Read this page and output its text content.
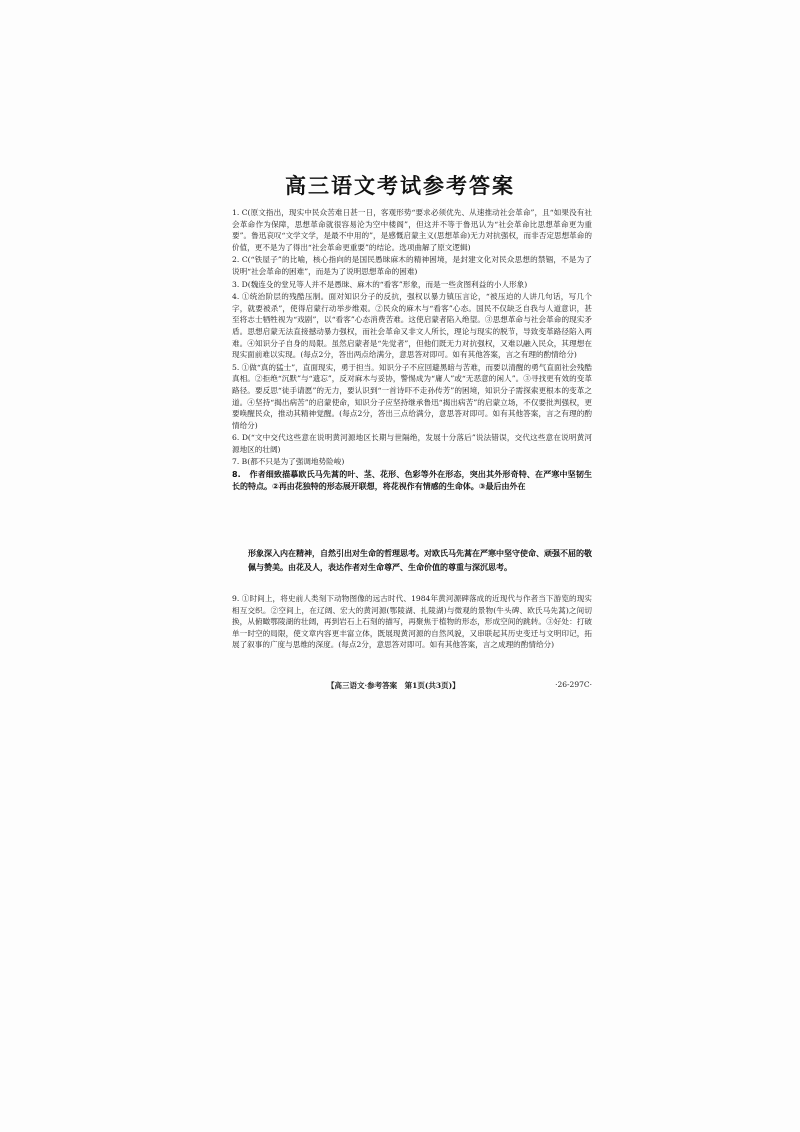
高三语文考试参考答案
1. C(原文指出，现实中民众苦难日甚一日，客观形势“要求必须优先、从速推动社会革命”，且“如果没有社会革命作为保障，思想革命就很容易沦为空中楼阁”，但这并不等于鲁迅认为“社会革命比思想革命更为重要”。鲁迅哀叹“文学文学，是最不中用的”，是感慨启蒙主义(思想革命)无力对抗强权，而非否定思想革命的价值，更不是为了得出“社会革命更重要”的结论。选项曲解了原文逻辑)
2. C(“铁屋子”的比喻，核心指向的是国民愚昧麻木的精神困境，是封建文化对民众思想的禁锢，不是为了说明“社会革命的困难”，而是为了说明思想革命的困难)
3. D(魏连殳的堂兄等人并不是愚昧、麻木的“看客”形象，而是一些贪图利益的小人形象)
4. ①统治阶层的残酷压制。面对知识分子的反抗，强权以暴力镇压言论，“被压迫的人讲几句话，写几个字，就要被杀”，使得启蒙行动举步维艰。②民众的麻木与“看客”心态。国民不仅缺乏自我与人道意识，甚至将志士牺牲视为“戏剧”，以“看客”心态消费苦难。这使启蒙者陷入绝望。③思想革命与社会革命的现实矛盾。思想启蒙无法直接撼动暴力强权，而社会革命又非文人所长，理论与现实的脱节，导致变革路径陷入两难。④知识分子自身的局限。虽然启蒙者是“先觉者”，但他们既无力对抗强权，又难以融入民众，其理想在现实面前难以实现。(每点2分，答出两点给满分，意思答对即可。如有其他答案，言之有理的酌情给分)
5. ①做“真的猛士”，直面现实，勇于担当。知识分子不应回避黑暗与苦难，而要以清醒的勇气直面社会残酷真相。②拒绝“沉默”与“遗忘”，反对麻木与妥协，警惕成为“庸人”或“无恶意的闲人”。③寻找更有效的变革路径。要反思“徒手请愿”的无力，要认识到“一首诗吓不走孙传芳”的困境，知识分子需探索更根本的变革之道。④坚持“揭出病苦”的启蒙使命，知识分子应坚持继承鲁迅“揭出病苦”的启蒙立场，不仅要批判强权，更要唤醒民众，推动其精神觉醒。(每点2分，答出三点给满分，意思答对即可。如有其他答案，言之有理的酌情给分)
6. D(“文中交代这些意在说明黄河源地区长期与世隔绝，发展十分落后”说法错误，交代这些意在说明黄河源地区的壮阔)
7. B(都不只是为了强调地势险峻)
8. 作者细致描摹欧氏马先蒿的叶、茎、花形、色彩等外在形态，突出其外形奇特、在严寒中坚韧生长的特点。②再由花独特的形态展开联想，将花视作有情感的生命体。③最后由外在
形象深入内在精神，自然引出对生命的哲理思考。对欧氏马先蒿在严寒中坚守使命、顽强不屈的敬佩与赞美。由花及人，表达作者对生命尊严、生命价值的尊重与深沉思考。
9. ①时间上，将史前人类刻下动物图像的远古时代、1984年黄河源碑落成的近现代与作者当下游览的现实相互交织。②空间上，在辽阔、宏大的黄河源(鄂陵湖、扎陵湖)与微观的景物(牛头碑、欧氏马先蒿)之间切换，从俯瞰鄂陵湖的壮阔，再到岩石上石刻的描写，再聚焦于植物的形态，形成空间的跳转。③好处：打破单一时空的局限，使文章内容更丰富立体，既展现黄河源的自然风貌，又串联起其历史变迁与文明印记，拓展了叙事的广度与思维的深度。(每点2分，意思答对即可。如有其他答案，言之成理的酌情给分)
【高三语文·参考答案　第1页(共3页)】	·26-297C·
